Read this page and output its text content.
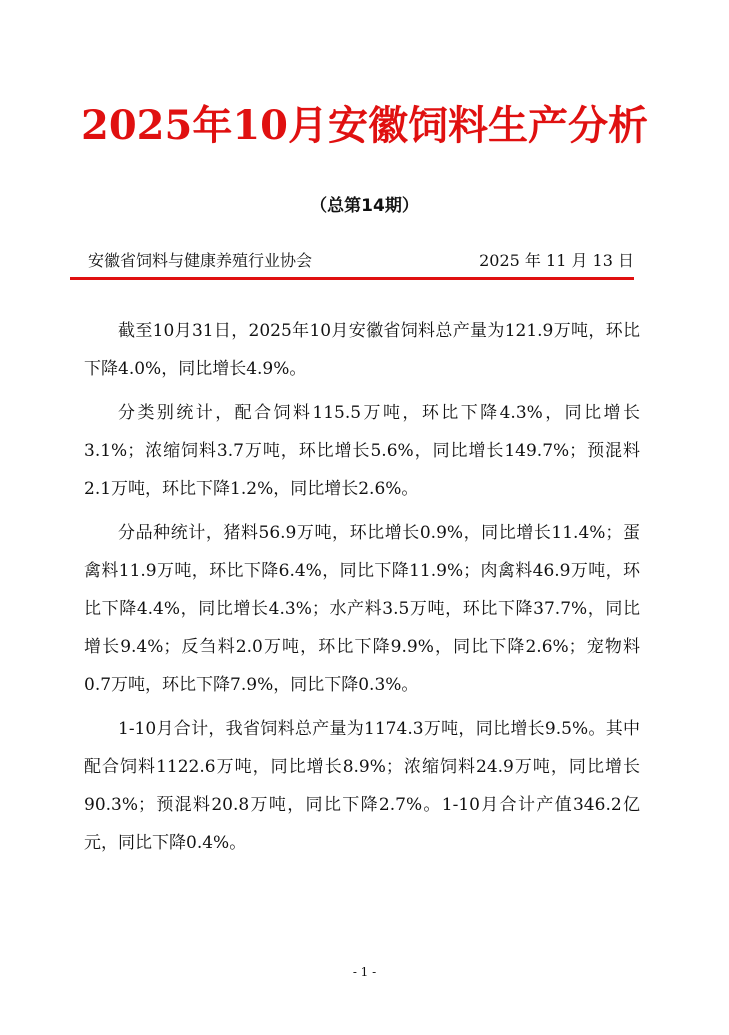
2025年10月安徽饲料生产分析
（总第14期）
安徽省饲料与健康养殖行业协会	2025 年 11 月 13 日

截至10月31日，2025年10月安徽省饲料总产量为121.9万吨，环比下降4.0%，同比增长4.9%。

分类别统计，配合饲料115.5万吨，环比下降4.3%，同比增长3.1%；浓缩饲料3.7万吨，环比增长5.6%，同比增长149.7%；预混料2.1万吨，环比下降1.2%，同比增长2.6%。

分品种统计，猪料56.9万吨，环比增长0.9%，同比增长11.4%；蛋禽料11.9万吨，环比下降6.4%，同比下降11.9%；肉禽料46.9万吨，环比下降4.4%，同比增长4.3%；水产料3.5万吨，环比下降37.7%，同比增长9.4%；反刍料2.0万吨，环比下降9.9%，同比下降2.6%；宠物料0.7万吨，环比下降7.9%，同比下降0.3%。

1-10月合计，我省饲料总产量为1174.3万吨，同比增长9.5%。其中配合饲料1122.6万吨，同比增长8.9%；浓缩饲料24.9万吨，同比增长90.3%；预混料20.8万吨，同比下降2.7%。1-10月合计产值346.2亿元，同比下降0.4%。

- 1 -
